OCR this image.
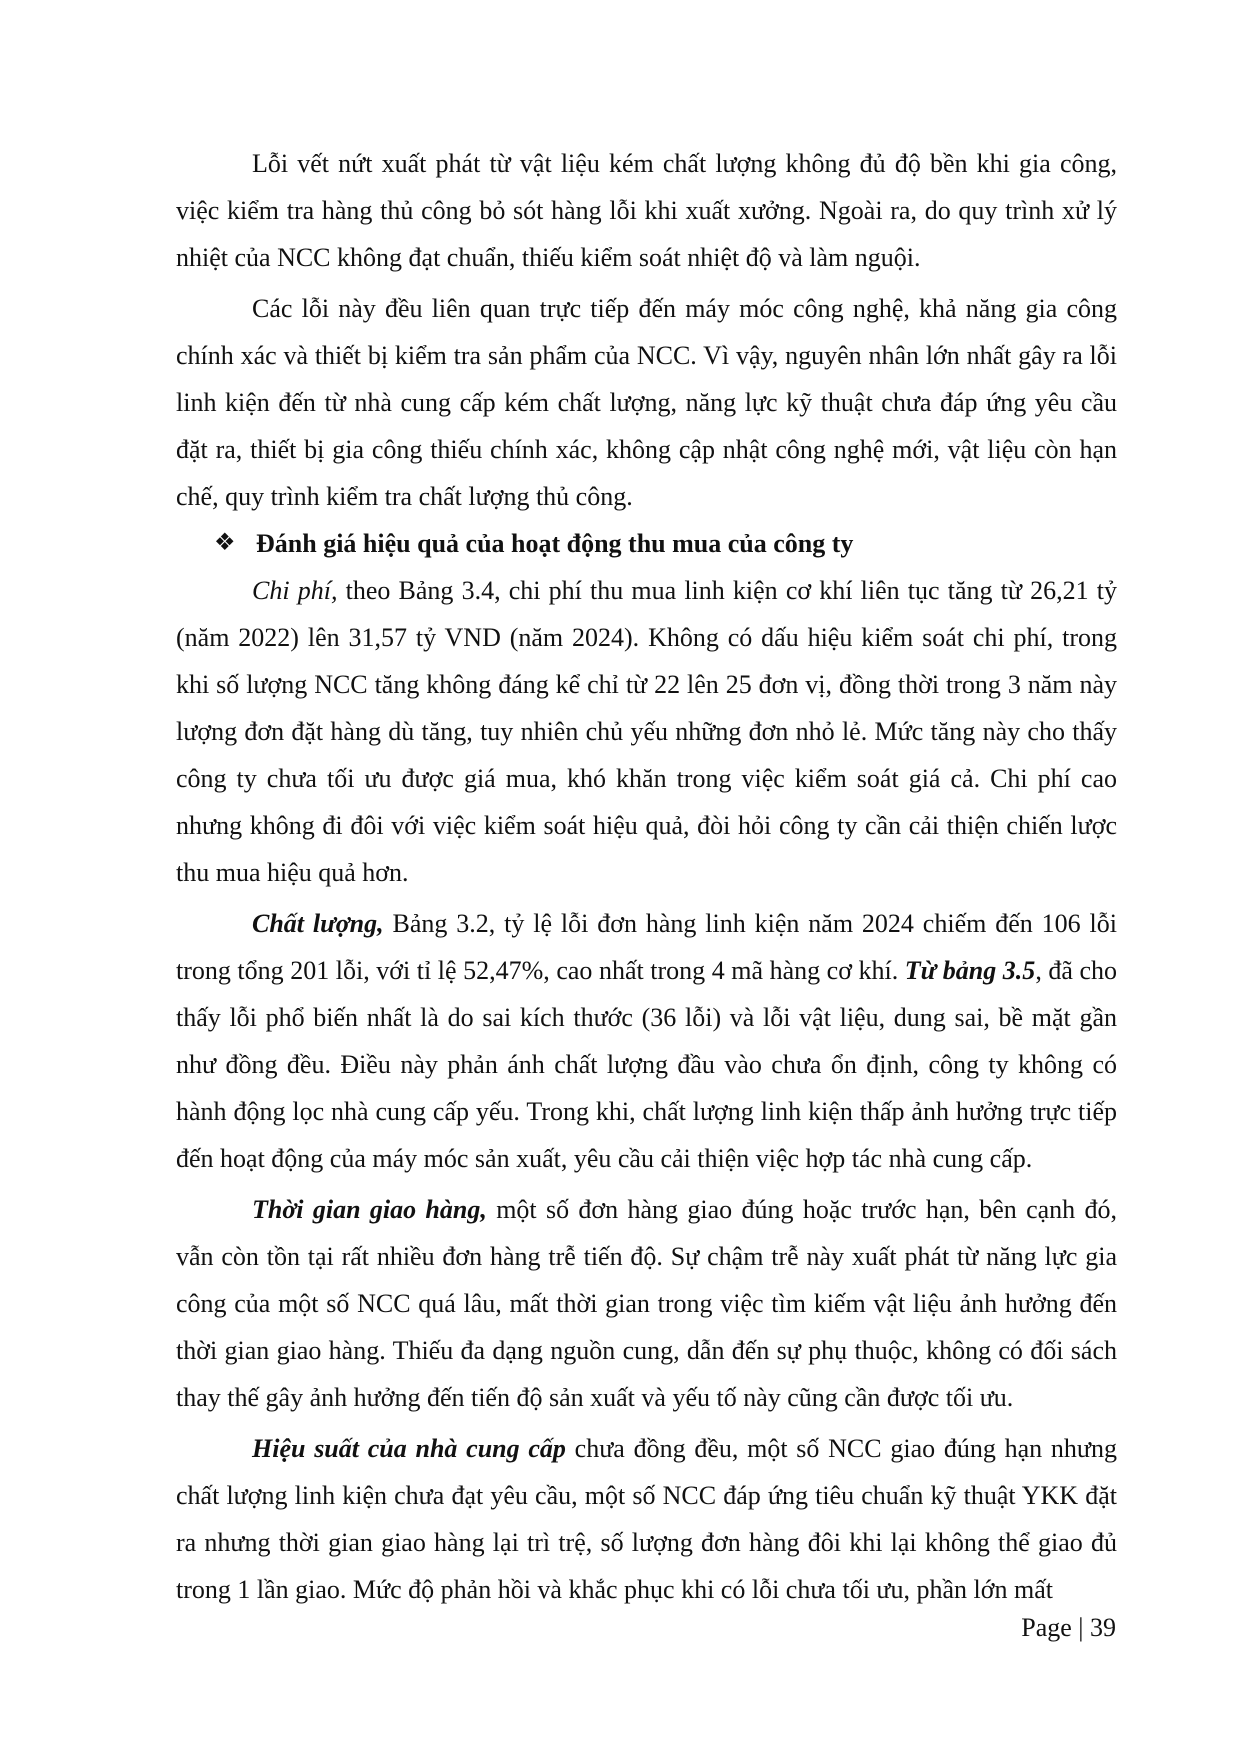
Lỗi vết nứt xuất phát từ vật liệu kém chất lượng không đủ độ bền khi gia công, việc kiểm tra hàng thủ công bỏ sót hàng lỗi khi xuất xưởng. Ngoài ra, do quy trình xử lý nhiệt của NCC không đạt chuẩn, thiếu kiểm soát nhiệt độ và làm nguội.

Các lỗi này đều liên quan trực tiếp đến máy móc công nghệ, khả năng gia công chính xác và thiết bị kiểm tra sản phẩm của NCC. Vì vậy, nguyên nhân lớn nhất gây ra lỗi linh kiện đến từ nhà cung cấp kém chất lượng, năng lực kỹ thuật chưa đáp ứng yêu cầu đặt ra, thiết bị gia công thiếu chính xác, không cập nhật công nghệ mới, vật liệu còn hạn chế, quy trình kiểm tra chất lượng thủ công.

❖ Đánh giá hiệu quả của hoạt động thu mua của công ty

Chi phí, theo Bảng 3.4, chi phí thu mua linh kiện cơ khí liên tục tăng từ 26,21 tỷ (năm 2022) lên 31,57 tỷ VND (năm 2024). Không có dấu hiệu kiểm soát chi phí, trong khi số lượng NCC tăng không đáng kể chỉ từ 22 lên 25 đơn vị, đồng thời trong 3 năm này lượng đơn đặt hàng dù tăng, tuy nhiên chủ yếu những đơn nhỏ lẻ. Mức tăng này cho thấy công ty chưa tối ưu được giá mua, khó khăn trong việc kiểm soát giá cả. Chi phí cao nhưng không đi đôi với việc kiểm soát hiệu quả, đòi hỏi công ty cần cải thiện chiến lược thu mua hiệu quả hơn.

Chất lượng, Bảng 3.2, tỷ lệ lỗi đơn hàng linh kiện năm 2024 chiếm đến 106 lỗi trong tổng 201 lỗi, với tỉ lệ 52,47%, cao nhất trong 4 mã hàng cơ khí. Từ bảng 3.5, đã cho thấy lỗi phổ biến nhất là do sai kích thước (36 lỗi) và lỗi vật liệu, dung sai, bề mặt gần như đồng đều. Điều này phản ánh chất lượng đầu vào chưa ổn định, công ty không có hành động lọc nhà cung cấp yếu. Trong khi, chất lượng linh kiện thấp ảnh hưởng trực tiếp đến hoạt động của máy móc sản xuất, yêu cầu cải thiện việc hợp tác nhà cung cấp.

Thời gian giao hàng, một số đơn hàng giao đúng hoặc trước hạn, bên cạnh đó, vẫn còn tồn tại rất nhiều đơn hàng trễ tiến độ. Sự chậm trễ này xuất phát từ năng lực gia công của một số NCC quá lâu, mất thời gian trong việc tìm kiếm vật liệu ảnh hưởng đến thời gian giao hàng. Thiếu đa dạng nguồn cung, dẫn đến sự phụ thuộc, không có đối sách thay thế gây ảnh hưởng đến tiến độ sản xuất và yếu tố này cũng cần được tối ưu.

Hiệu suất của nhà cung cấp chưa đồng đều, một số NCC giao đúng hạn nhưng chất lượng linh kiện chưa đạt yêu cầu, một số NCC đáp ứng tiêu chuẩn kỹ thuật YKK đặt ra nhưng thời gian giao hàng lại trì trệ, số lượng đơn hàng đôi khi lại không thể giao đủ trong 1 lần giao. Mức độ phản hồi và khắc phục khi có lỗi chưa tối ưu, phần lớn mất

Page | 39
